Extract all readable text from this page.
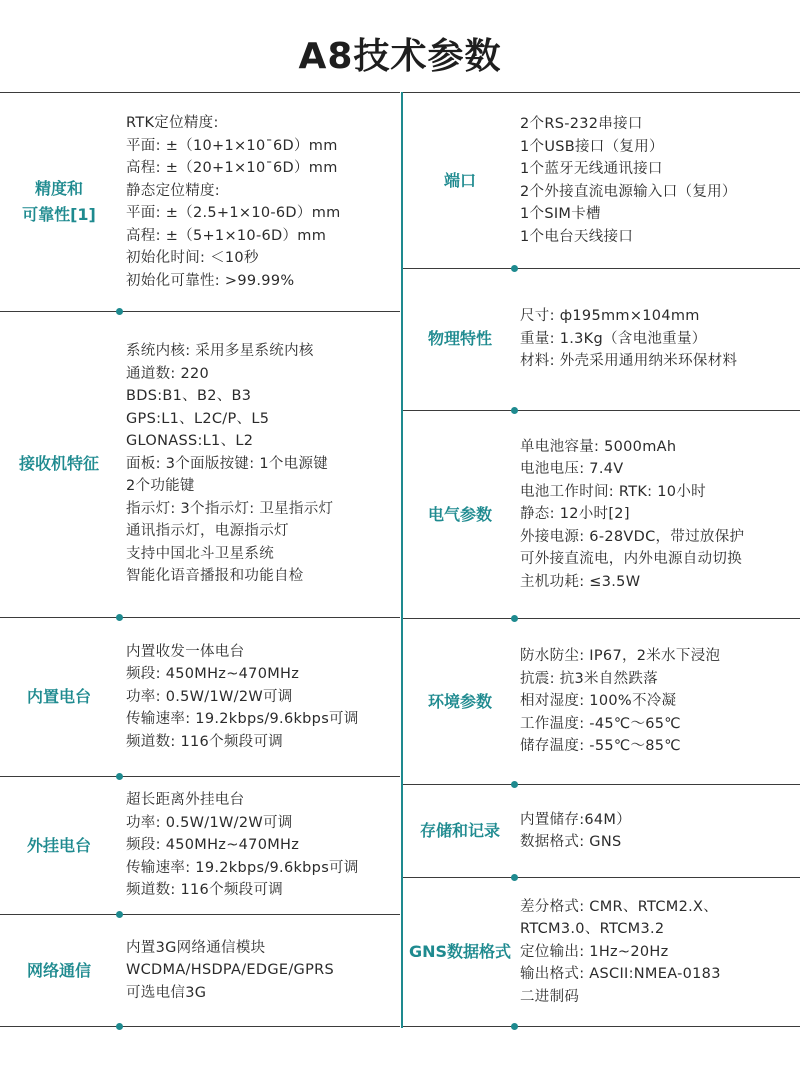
A8技术参数
精度和
可靠性[1]
RTK定位精度:
平面: ±（10+1×10¯6D）mm
高程: ±（20+1×10¯6D）mm
静态定位精度:
平面: ±（2.5+1×10-6D）mm
高程: ±（5+1×10-6D）mm
初始化时间: ＜10秒
初始化可靠性: >99.99%
接收机特征
系统内核: 采用多星系统内核
通道数: 220
BDS:B1、B2、B3
GPS:L1、L2C/P、L5
GLONASS:L1、L2
面板: 3个面版按键: 1个电源键
2个功能键
指示灯: 3个指示灯: 卫星指示灯
通讯指示灯，电源指示灯
支持中国北斗卫星系统
智能化语音播报和功能自检
内置电台
内置收发一体电台
频段: 450MHz~470MHz
功率: 0.5W/1W/2W可调
传输速率: 19.2kbps/9.6kbps可调
频道数: 116个频段可调
外挂电台
超长距离外挂电台
功率: 0.5W/1W/2W可调
频段: 450MHz~470MHz
传输速率: 19.2kbps/9.6kbps可调
频道数: 116个频段可调
网络通信
内置3G网络通信模块
WCDMA/HSDPA/EDGE/GPRS
可选电信3G
端口
2个RS-232串接口
1个USB接口（复用）
1个蓝牙无线通讯接口
2个外接直流电源输入口（复用）
1个SIM卡槽
1个电台天线接口
物理特性
尺寸: ф195mm×104mm
重量: 1.3Kg（含电池重量）
材料: 外壳采用通用纳米环保材料
电气参数
单电池容量: 5000mAh
电池电压: 7.4V
电池工作时间: RTK: 10小时
静态: 12小时[2]
外接电源: 6-28VDC，带过放保护
可外接直流电，内外电源自动切换
主机功耗: ≤3.5W
环境参数
防水防尘: IP67，2米水下浸泡
抗震: 抗3米自然跌落
相对湿度: 100%不冷凝
工作温度: -45℃～65℃
储存温度: -55℃～85℃
存储和记录
内置储存:64M）
数据格式: GNS
GNS数据格式
差分格式: CMR、RTCM2.X、
RTCM3.0、RTCM3.2
定位输出: 1Hz~20Hz
输出格式: ASCII:NMEA-0183
二进制码
